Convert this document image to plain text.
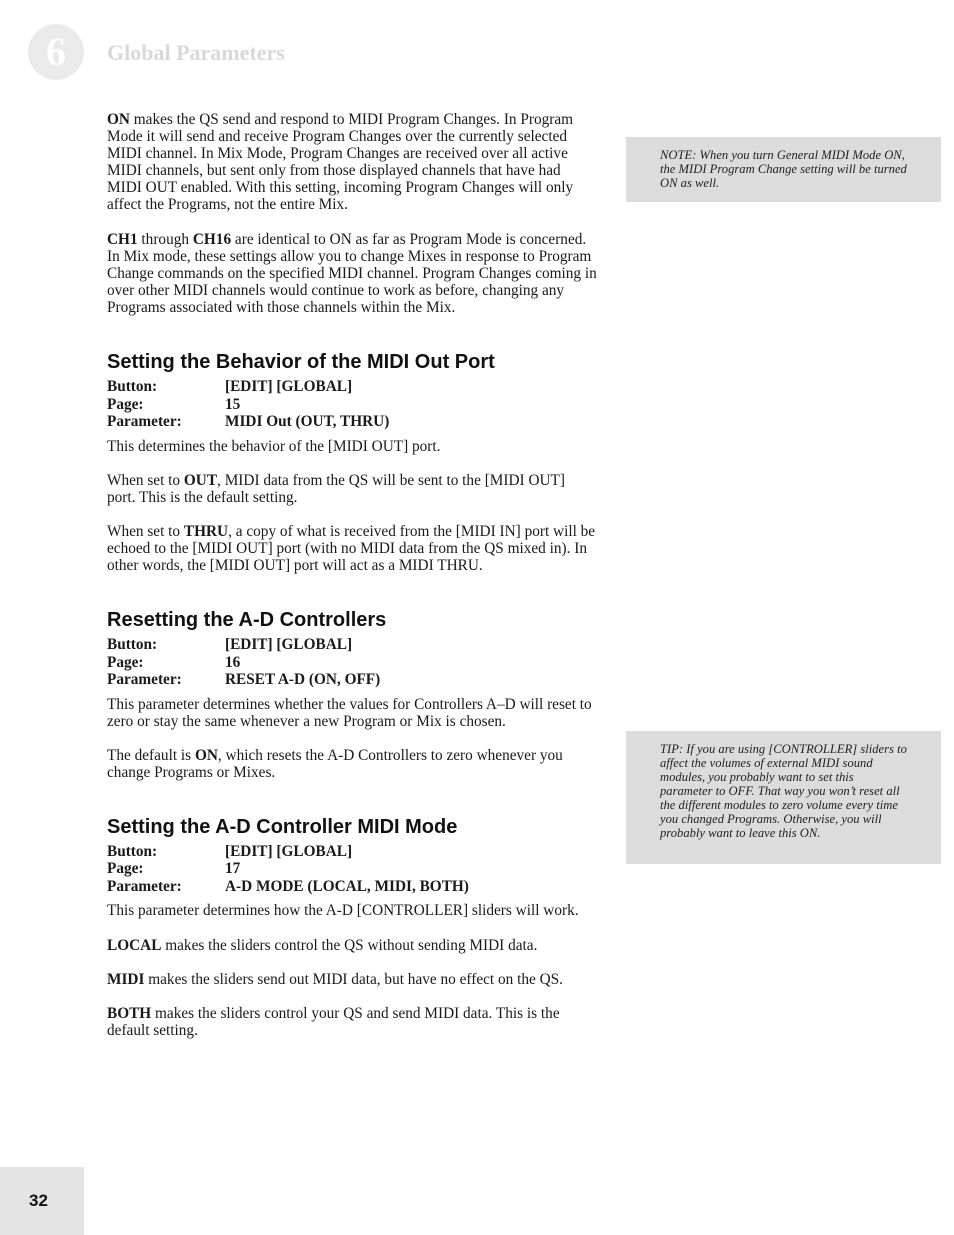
6 Global Parameters

ON makes the QS send and respond to MIDI Program Changes. In Program Mode it will send and receive Program Changes over the currently selected MIDI channel. In Mix Mode, Program Changes are received over all active MIDI channels, but sent only from those displayed channels that have had MIDI OUT enabled. With this setting, incoming Program Changes will only affect the Programs, not the entire Mix.

CH1 through CH16 are identical to ON as far as Program Mode is concerned. In Mix mode, these settings allow you to change Mixes in response to Program Change commands on the specified MIDI channel. Program Changes coming in over other MIDI channels would continue to work as before, changing any Programs associated with those channels within the Mix.

Setting the Behavior of the MIDI Out Port
Button:	[EDIT] [GLOBAL]
Page:	15
Parameter:	MIDI Out (OUT, THRU)

This determines the behavior of the [MIDI OUT] port.

When set to OUT, MIDI data from the QS will be sent to the [MIDI OUT] port. This is the default setting.

When set to THRU, a copy of what is received from the [MIDI IN] port will be echoed to the [MIDI OUT] port (with no MIDI data from the QS mixed in). In other words, the [MIDI OUT] port will act as a MIDI THRU.

Resetting the A-D Controllers
Button:	[EDIT] [GLOBAL]
Page:	16
Parameter:	RESET A-D (ON, OFF)

This parameter determines whether the values for Controllers A–D will reset to zero or stay the same whenever a new Program or Mix is chosen.

The default is ON, which resets the A-D Controllers to zero whenever you change Programs or Mixes.

Setting the A-D Controller MIDI Mode
Button:	[EDIT] [GLOBAL]
Page:	17
Parameter:	A-D MODE (LOCAL, MIDI, BOTH)

This parameter determines how the A-D [CONTROLLER] sliders will work.

LOCAL makes the sliders control the QS without sending MIDI data.

MIDI makes the sliders send out MIDI data, but have no effect on the QS.

BOTH makes the sliders control your QS and send MIDI data. This is the default setting.

NOTE: When you turn General MIDI Mode ON, the MIDI Program Change setting will be turned ON as well.
TIP: If you are using [CONTROLLER] sliders to affect the volumes of external MIDI sound modules, you probably want to set this parameter to OFF. That way you won’t reset all the different modules to zero volume every time you changed Programs. Otherwise, you will probably want to leave this ON.
32
